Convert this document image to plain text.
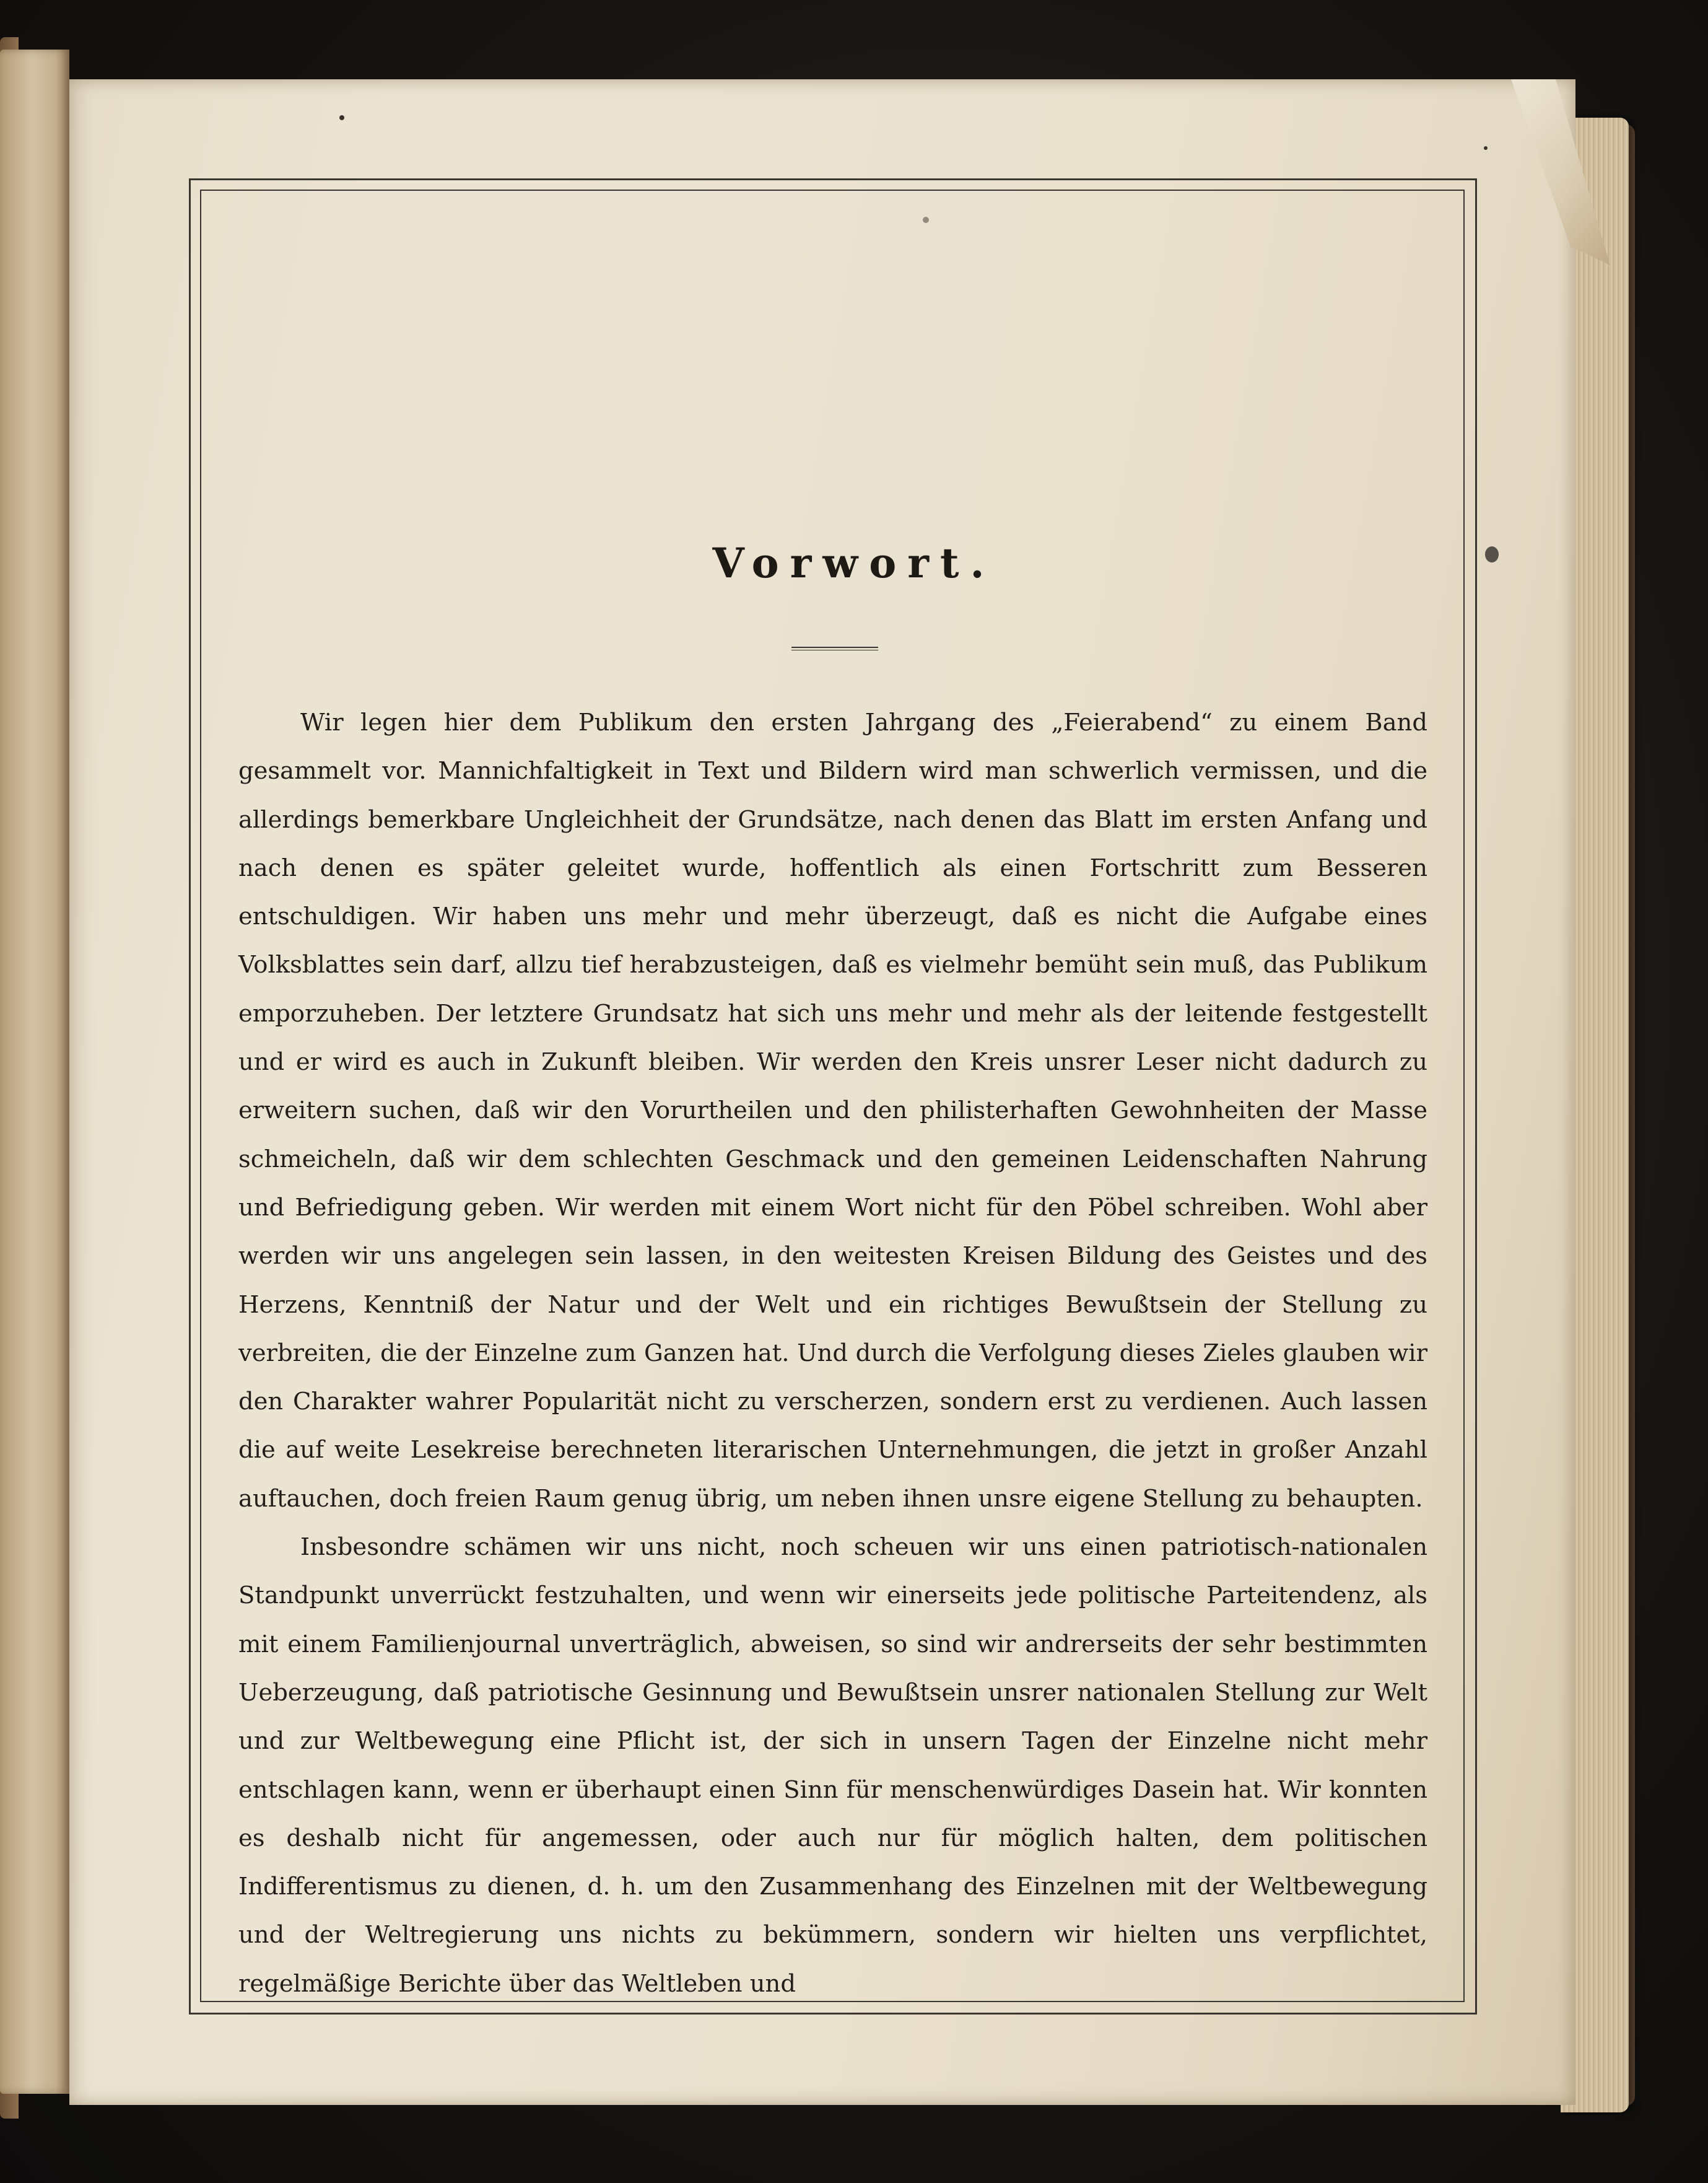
Vorwort.

Wir legen hier dem Publikum den ersten Jahrgang des „Feierabend“ zu einem Band gesammelt vor. Mannichfaltigkeit in Text und Bildern wird man schwerlich vermissen, und die allerdings bemerkbare Ungleichheit der Grundsätze, nach denen das Blatt im ersten Anfang und nach denen es später geleitet wurde, hoffentlich als einen Fortschritt zum Besseren entschuldigen. Wir haben uns mehr und mehr überzeugt, daß es nicht die Aufgabe eines Volksblattes sein darf, allzu tief herabzusteigen, daß es vielmehr bemüht sein muß, das Publikum emporzuheben. Der letztere Grundsatz hat sich uns mehr und mehr als der leitende festgestellt und er wird es auch in Zukunft bleiben. Wir werden den Kreis unsrer Leser nicht dadurch zu erweitern suchen, daß wir den Vorurtheilen und den philisterhaften Gewohnheiten der Masse schmeicheln, daß wir dem schlechten Geschmack und den gemeinen Leidenschaften Nahrung und Befriedigung geben. Wir werden mit einem Wort nicht für den Pöbel schreiben. Wohl aber werden wir uns angelegen sein lassen, in den weitesten Kreisen Bildung des Geistes und des Herzens, Kenntniß der Natur und der Welt und ein richtiges Bewußtsein der Stellung zu verbreiten, die der Einzelne zum Ganzen hat. Und durch die Verfolgung dieses Zieles glauben wir den Charakter wahrer Popularität nicht zu verscherzen, sondern erst zu verdienen. Auch lassen die auf weite Lesekreise berechneten literarischen Unternehmungen, die jetzt in großer Anzahl auftauchen, doch freien Raum genug übrig, um neben ihnen unsre eigene Stellung zu behaupten.

Insbesondre schämen wir uns nicht, noch scheuen wir uns einen patriotisch-nationalen Standpunkt unverrückt festzuhalten, und wenn wir einerseits jede politische Parteitendenz, als mit einem Familienjournal unverträglich, abweisen, so sind wir andrerseits der sehr bestimmten Ueberzeugung, daß patriotische Gesinnung und Bewußtsein unsrer nationalen Stellung zur Welt und zur Weltbewegung eine Pflicht ist, der sich in unsern Tagen der Einzelne nicht mehr entschlagen kann, wenn er überhaupt einen Sinn für menschenwürdiges Dasein hat. Wir konnten es deshalb nicht für angemessen, oder auch nur für möglich halten, dem politischen Indifferentismus zu dienen, d. h. um den Zusammenhang des Einzelnen mit der Weltbewegung und der Weltregierung uns nichts zu bekümmern, sondern wir hielten uns verpflichtet, regelmäßige Berichte über das Weltleben und
